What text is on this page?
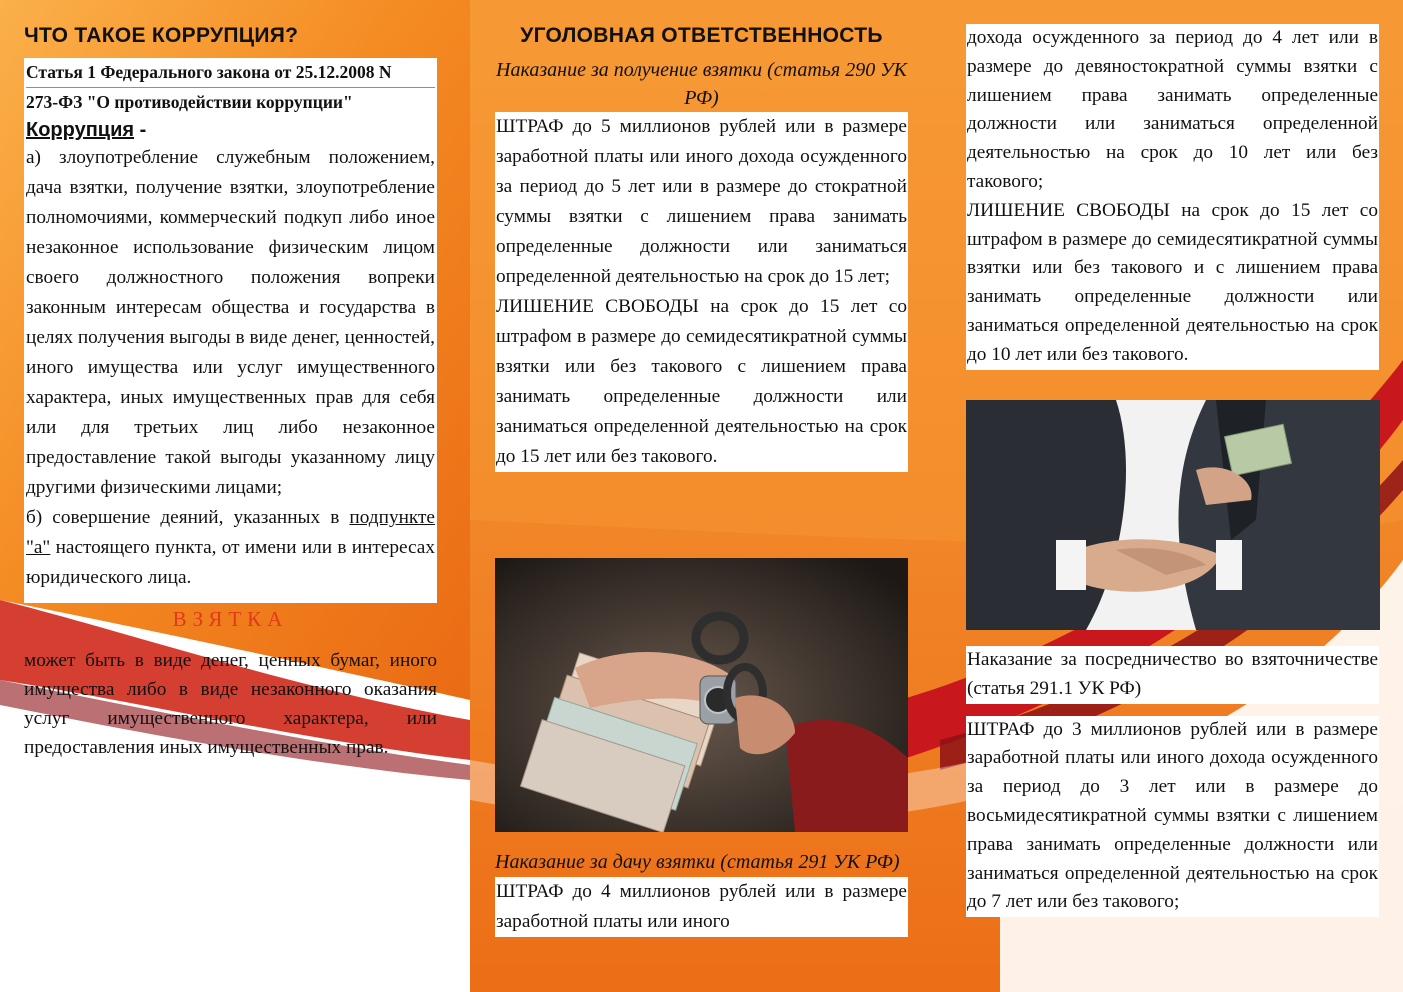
ЧТО ТАКОЕ КОРРУПЦИЯ?
Статья 1 Федерального закона от 25.12.2008 N
273-ФЗ "О противодействии коррупции"
Коррупция -

а) злоупотребление служебным положением, дача взятки, получение взятки, злоупотребление полномочиями, коммерческий подкуп либо иное незаконное использование физическим лицом своего должностного положения вопреки законным интересам общества и государства в целях получения выгоды в виде денег, ценностей, иного имущества или услуг имущественного характера, иных имущественных прав для себя или для третьих лиц либо незаконное предоставление такой выгоды указанному лицу другими физическими лицами;

б) совершение деяний, указанных в подпункте "а" настоящего пункта, от имени или в интересах юридического лица.

ВЗЯТКА

может быть в виде денег, ценных бумаг, иного имущества либо в виде незаконного оказания услуг имущественного характера, или предоставления иных имущественных прав.

УГОЛОВНАЯ ОТВЕТСТВЕННОСТЬ
Наказание за получение взятки (статья 290 УК РФ)

ШТРАФ до 5 миллионов рублей или в размере заработной платы или иного дохода осужденного за период до 5 лет или в размере до стократной суммы взятки с лишением права занимать определенные должности или заниматься определенной деятельностью на срок до 15 лет;

ЛИШЕНИЕ СВОБОДЫ на срок до 15 лет со штрафом в размере до семидесятикратной суммы взятки или без такового с лишением права занимать определенные должности или заниматься определенной деятельностью на срок до 15 лет или без такового.

Наказание за дачу взятки (статья 291 УК РФ)

ШТРАФ до 4 миллионов рублей или в размере заработной платы или иного

дохода осужденного за период до 4 лет или в размере до девяностократной суммы взятки с лишением права занимать определенные должности или заниматься определенной деятельностью на срок до 10 лет или без такового;

ЛИШЕНИЕ СВОБОДЫ на срок до 15 лет со штрафом в размере до семидесятикратной суммы взятки или без такового и с лишением права занимать определенные должности или заниматься определенной деятельностью на срок до 10 лет или без такового.

Наказание за посредничество во взяточничестве (статья 291.1 УК РФ)

ШТРАФ до 3 миллионов рублей или в размере заработной платы или иного дохода осужденного за период до 3 лет или в размере до восьмидесятикратной суммы взятки с лишением права занимать определенные должности или заниматься определенной деятельностью на срок до 7 лет или без такового;
